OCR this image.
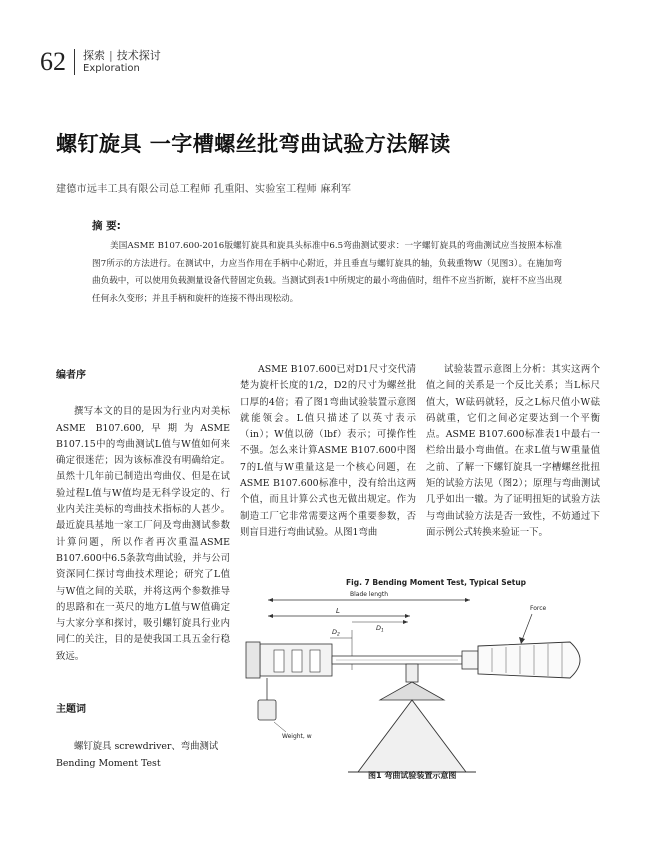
62 探索 | 技术探讨
Exploration
螺钉旋具 一字槽螺丝批弯曲试验方法解读
建德市远丰工具有限公司总工程师 孔重阳、实验室工程师 麻利军
摘 要:
美国ASME B107.600-2016版螺钉旋具和旋具头标准中6.5弯曲测试要求：一字螺钉旋具的弯曲测试应当按照本标准图7所示的方法进行。在测试中，力应当作用在手柄中心附近，并且垂直与螺钉旋具的轴，负载重物W（见图3）。在施加弯曲负载中，可以使用负载测量设备代替固定负载。当测试到表1中所规定的最小弯曲值时，组件不应当折断，旋杆不应当出现任何永久变形；并且手柄和旋杆的连接不得出现松动。
编者序
撰写本文的目的是因为行业内对美标ASME B107.600,早期为ASME B107.15中的弯曲测试L值与W值如何来确定很迷茫；因为该标准没有明确给定。虽然十几年前已制造出弯曲仪、但是在试验过程L值与W值均是无科学设定的、行业内关注美标的弯曲技术指标的人甚少。最近旋具基地一家工厂问及弯曲测试参数计算问题，所以作者再次重温ASME B107.600中6.5条款弯曲试验，并与公司资深同仁探讨弯曲技术理论；研究了L值与W值之间的关联，并将这两个参数推导的思路和在一英尺的地方L值与W值确定与大家分享和探讨，吸引螺钉旋具行业内同仁的关注，目的是使我国工具五金行稳致远。
主题词
螺钉旋具 screwdriver、弯曲测试 Bending Moment Test
ASME B107.600已对D1尺寸交代清楚为旋杆长度的1/2，D2的尺寸为螺丝批口厚的4倍；看了图1弯曲试验装置示意图就能领会。L值只描述了以英寸表示（in）；W值以磅（lbf）表示；可操作性不强。怎么来计算ASME B107.600中图7的L值与W重量这是一个核心问题，在ASME B107.600标准中，没有给出这两个值，而且计算公式也无做出规定。作为制造工厂它非常需要这两个重要参数，否则盲目进行弯曲试验。从图1弯曲
试验装置示意图上分析：其实这两个值之间的关系是一个反比关系；当L标尺值大，W砝码就轻，反之L标尺值小W砝码就重，它们之间必定要达到一个平衡点。ASME B107.600标准表1中最右一栏给出最小弯曲值。在求L值与W重量值之前、了解一下螺钉旋具一字槽螺丝批扭矩的试验方法见（图2）；原理与弯曲测试几乎如出一辙。为了证明扭矩的试验方法与弯曲试验方法是否一致性，不妨通过下面示例公式转换来验证一下。
Fig. 7 Bending Moment Test, Typical Setup
Blade length
L
$D_2$
$D_1$
Force
Weight, w
图1 弯曲试验装置示意图
